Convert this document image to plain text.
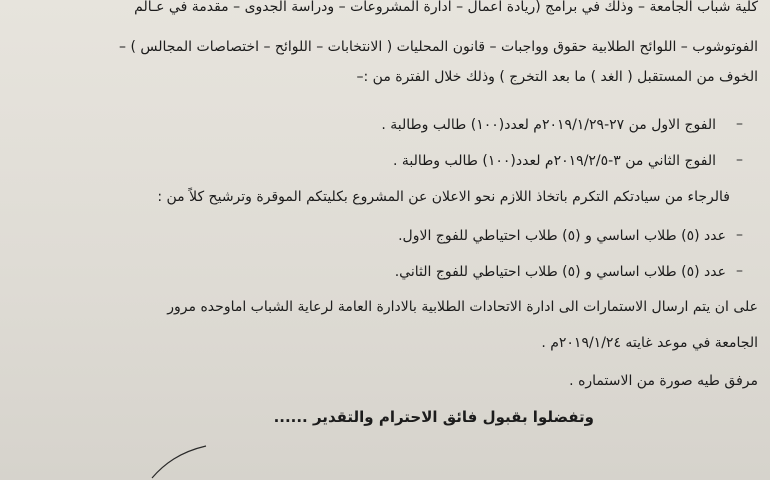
كلية شباب الجامعة – وذلك في برامج (ريادة اعمال – ادارة المشروعات – ودراسة الجدوى – مقدمة في عـالم
الفوتوشوب – اللوائح الطلابية حقوق وواجبات – قانون المحليات ( الانتخابات – اللوائح – اختصاصات المجالس ) –
الخوف من المستقبل ( الغد ) ما بعد التخرج ) وذلك خلال الفترة من :–
–
الفوج الاول من ٢٧-٢٠١٩/١/٢٩م لعدد(١٠٠) طالب وطالبة .
–
الفوج الثاني من ٣-٢٠١٩/٢/٥م لعدد(١٠٠) طالب وطالبة .
فالرجاء من سيادتكم التكرم باتخاذ اللازم نحو الاعلان عن المشروع بكليتكم الموقرة وترشيح كلاً من :
–
عدد (٥) طلاب اساسي و (٥) طلاب احتياطي للفوج الاول.
–
عدد (٥) طلاب اساسي و (٥) طلاب احتياطي للفوج الثاني.
على ان يتم ارسال الاستمارات الى ادارة الاتحادات الطلابية بالادارة العامة لرعاية الشباب اماوحده مرور
الجامعة في موعد غايته ٢٠١٩/١/٢٤م .
مرفق طيه صورة من الاستماره .
وتفضلوا بقبول فائق الاحترام والتقدير ......
